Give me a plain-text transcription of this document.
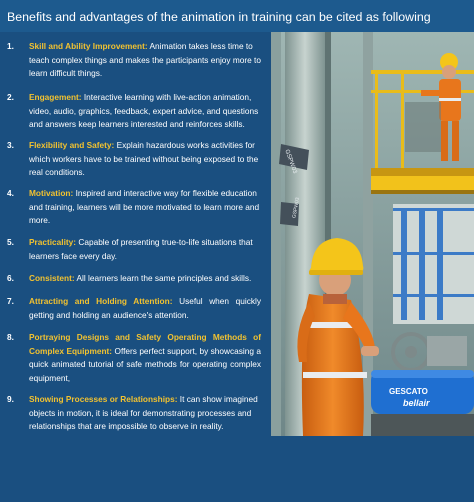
Benefits and advantages of the animation in training can be cited as following
1. Skill and Ability Improvement: Animation takes less time to teach complex things and makes the participants enjoy more to learn difficult things.
2. Engagement: Interactive learning with live-action animation, video, audio, graphics, feedback, expert advice, and questions and answers keep learners interested and reinforces skills.
3. Flexibility and Safety: Explain hazardous works activities for which workers have to be trained without being exposed to the real conditions.
4. Motivation: Inspired and interactive way for flexible education and training, learners will be more motivated to learn more and more.
5. Practicality: Capable of presenting true-to-life situations that learners face every day.
6. Consistent: All learners learn the same principles and skills.
7. Attracting and Holding Attention: Useful when quickly getting and holding an audience's attention.
8. Portraying Designs and Safety Operating Methods of Complex Equipment: Offers perfect support, by showcasing a quick animated tutorial of safe methods for operating complex equipment,
9. Showing Processes or Relationships: It can show imagined objects in motion, it is ideal for demonstrating processes and relationships that are impossible to observe in reality.
GSPW03
GSPW03
GESCATO
bellair
